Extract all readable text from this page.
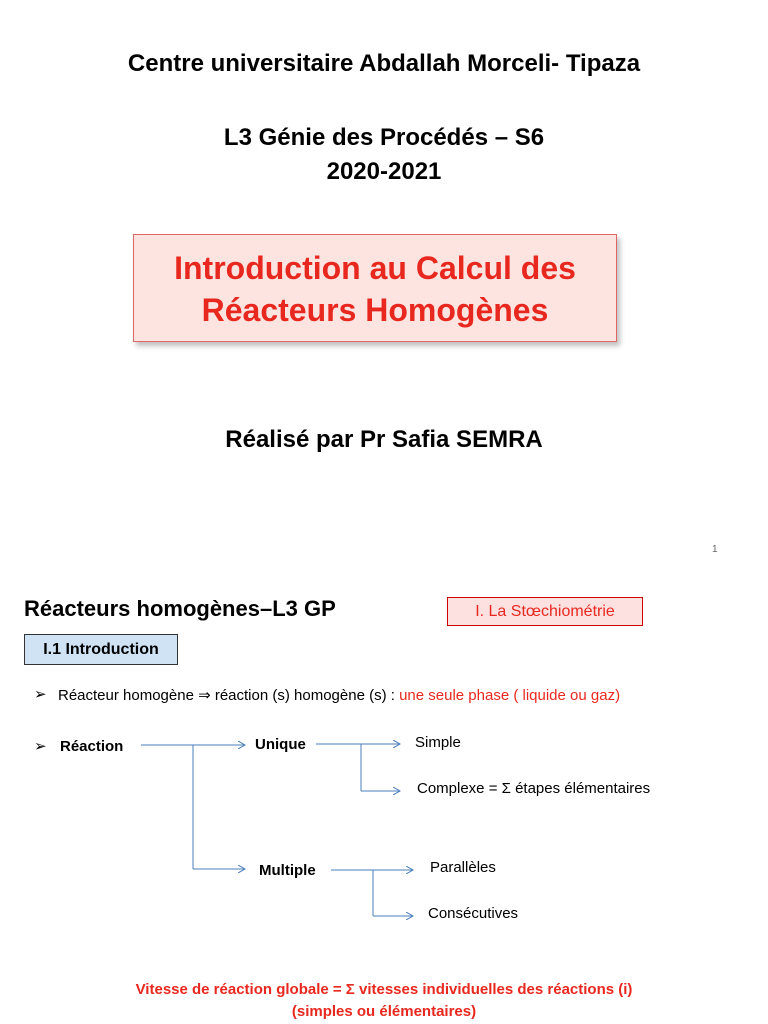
Centre universitaire Abdallah Morceli- Tipaza
L3 Génie des Procédés – S6
2020-2021
Introduction au Calcul des
Réacteurs Homogènes
Réalisé par Pr Safia SEMRA
1
Réacteurs homogènes–L3 GP	I. La Stœchiométrie
I.1 Introduction
➢ Réacteur homogène ⇒ réaction (s) homogène (s) : une seule phase ( liquide ou gaz)
➢ Réaction	Unique	Simple
Complexe = Σ étapes élémentaires
Multiple	Parallèles
Consécutives
Vitesse de réaction globale = Σ vitesses individuelles des réactions (i)
(simples ou élémentaires)
